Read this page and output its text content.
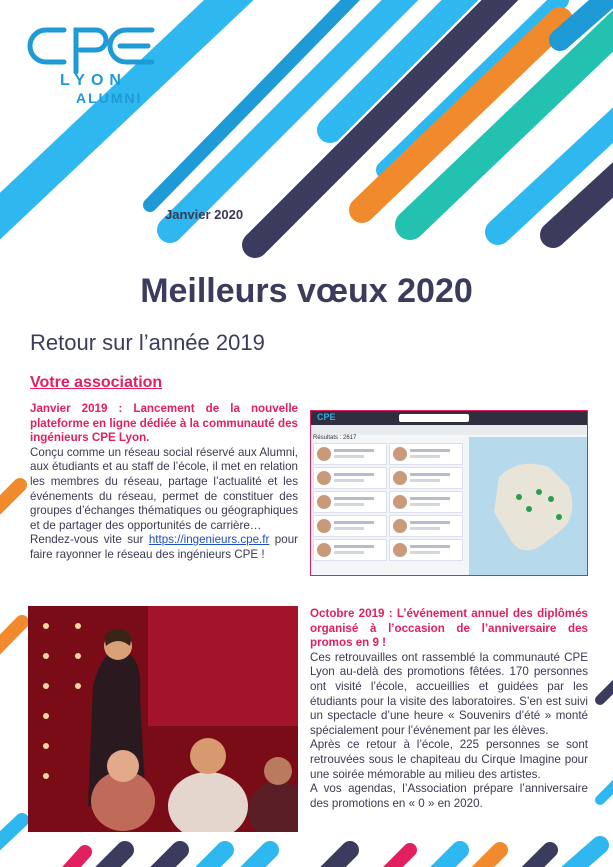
LYON
ALUMNI
Janvier 2020
Meilleurs vœux 2020
Retour sur l’année 2019
Votre association

Janvier 2019 : Lancement de la nouvelle plateforme en ligne dédiée à la communauté des ingénieurs CPE Lyon.

Conçu comme un réseau social réservé aux Alumni, aux étudiants et au staff de l’école, il met en relation les membres du réseau, partage l’actualité et les événements du réseau, permet de constituer des groupes d’échanges thématiques ou géographiques et de partager des opportunités de carrière…

Rendez-vous vite sur https://ingenieurs.cpe.fr pour faire rayonner le réseau des ingénieurs CPE !

CPE
Résultats : 2617

Octobre 2019 : L’événement annuel des diplômés organisé à l’occasion de l’anniversaire des promos en 9 !

Ces retrouvailles ont rassemblé la communauté CPE Lyon au-delà des promotions fêtées. 170 personnes ont visité l’école, accueillies et guidées par les étudiants pour la visite des laboratoires. S’en est suivi un spectacle d’une heure « Souvenirs d’été » monté spécialement pour l’événement par les élèves.

Après ce retour à l’école, 225 personnes se sont retrouvées sous le chapiteau du Cirque Imagine pour une soirée mémorable au milieu des artistes.

A vos agendas, l’Association prépare l’anniversaire des promotions en « 0 » en 2020.
